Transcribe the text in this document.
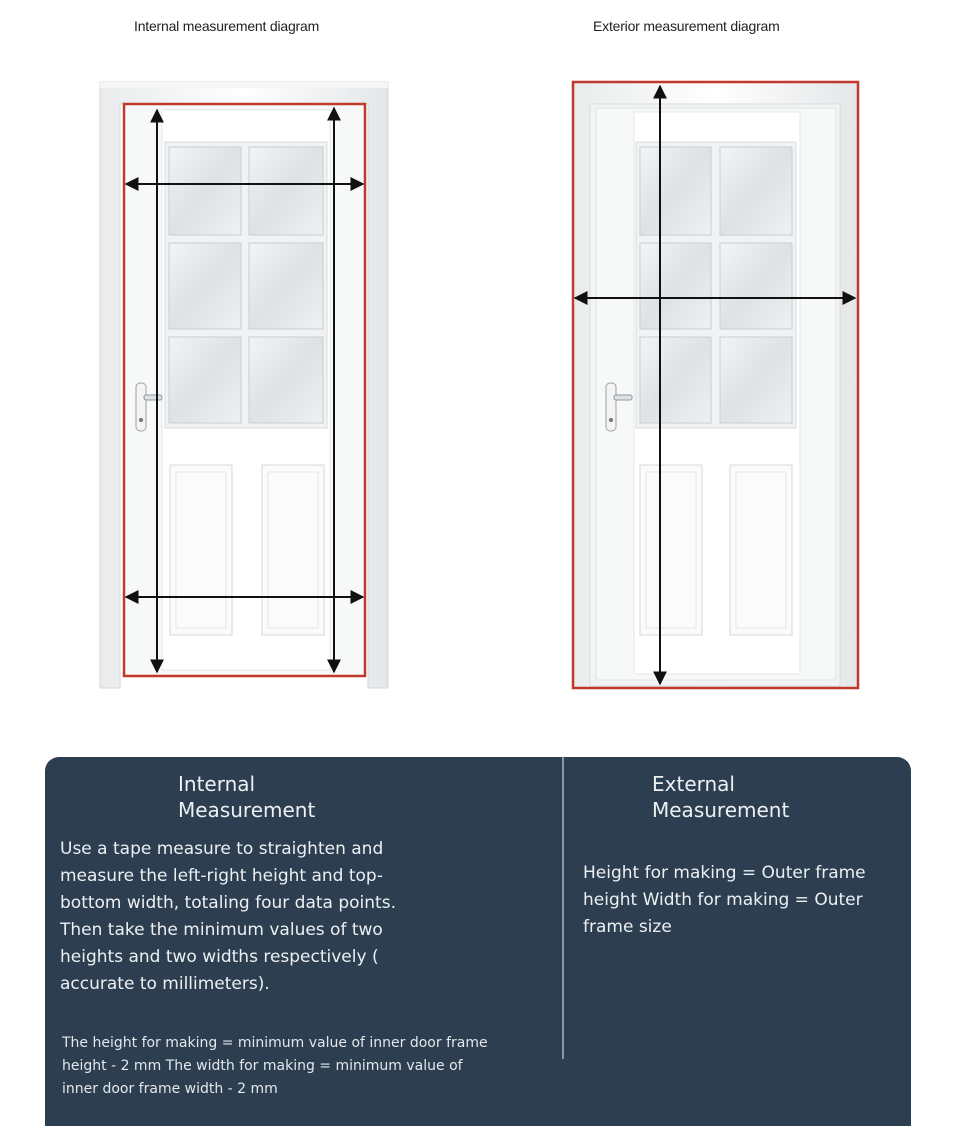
Internal measurement diagram	Exterior measurement diagram
Internal
Measurement
Use a tape measure to straighten and measure the left-right height and top-bottom width, totaling four data points. Then take the minimum values of two heights and two widths respectively ( accurate to millimeters).
The height for making = minimum value of inner door frame height - 2 mm The width for making = minimum value of inner door frame width - 2 mm
External
Measurement
Height for making = Outer frame height Width for making = Outer frame size
